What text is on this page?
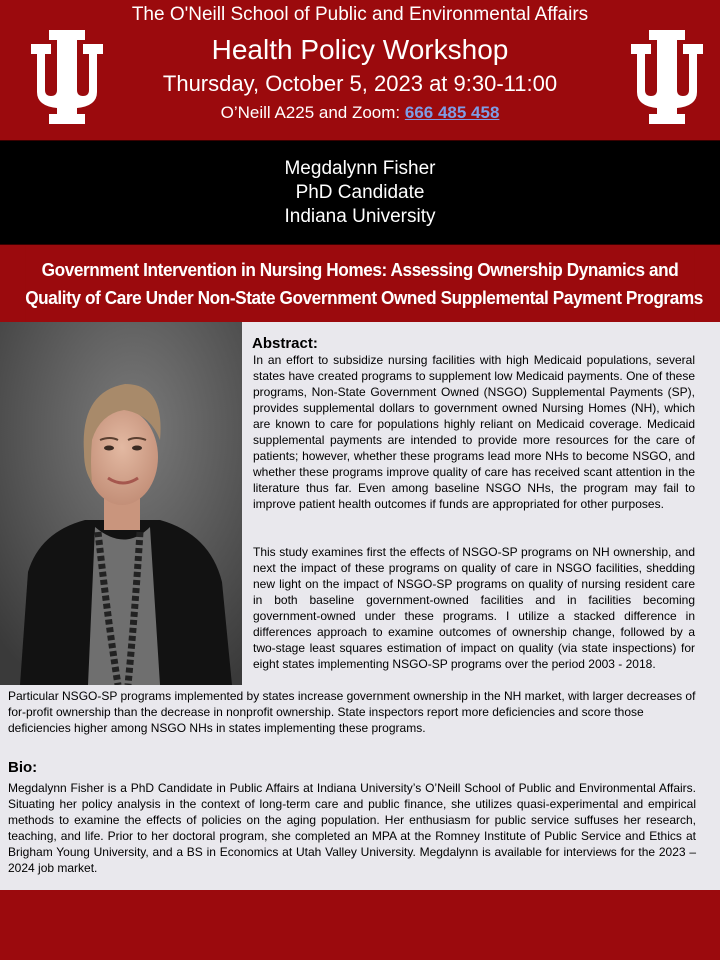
The O'Neill School of Public and Environmental Affairs
Health Policy Workshop
Thursday, October 5, 2023 at 9:30-11:00
O’Neill A225 and Zoom: 666 485 458
Megdalynn Fisher
PhD Candidate
Indiana University
Government Intervention in Nursing Homes: Assessing Ownership Dynamics and
Quality of Care Under Non-State Government Owned Supplemental Payment Programs
Abstract:

In an effort to subsidize nursing facilities with high Medicaid populations, several states have created programs to supplement low Medicaid payments. One of these programs, Non-State Government Owned (NSGO) Supplemental Payments (SP), provides supplemental dollars to government owned Nursing Homes (NH), which are known to care for populations highly reliant on Medicaid coverage. Medicaid supplemental payments are intended to provide more resources for the care of patients; however, whether these programs lead more NHs to become NSGO, and whether these programs improve quality of care has received scant attention in the literature thus far. Even among baseline NSGO NHs, the program may fail to improve patient health outcomes if funds are appropriated for other purposes.

This study examines first the effects of NSGO-SP programs on NH ownership, and next the impact of these programs on quality of care in NSGO facilities, shedding new light on the impact of NSGO-SP programs on quality of nursing resident care in both baseline government-owned facilities and in facilities becoming government-owned under these programs. I utilize a stacked difference in differences approach to examine outcomes of ownership change, followed by a two-stage least squares estimation of impact on quality (via state inspections) for eight states implementing NSGO-SP programs over the period 2003 - 2018.

Particular NSGO-SP programs implemented by states increase government ownership in the NH market, with larger decreases of for-profit ownership than the decrease in nonprofit ownership. State inspectors report more deficiencies and score those deficiencies higher among NSGO NHs in states implementing these programs.

Bio:

Megdalynn Fisher is a PhD Candidate in Public Affairs at Indiana University’s O’Neill School of Public and Environmental Affairs. Situating her policy analysis in the context of long-term care and public finance, she utilizes quasi-experimental and empirical methods to examine the effects of policies on the aging population. Her enthusiasm for public service suffuses her research, teaching, and life. Prior to her doctoral program, she completed an MPA at the Romney Institute of Public Service and Ethics at Brigham Young University, and a BS in Economics at Utah Valley University. Megdalynn is available for interviews for the 2023 – 2024 job market.
